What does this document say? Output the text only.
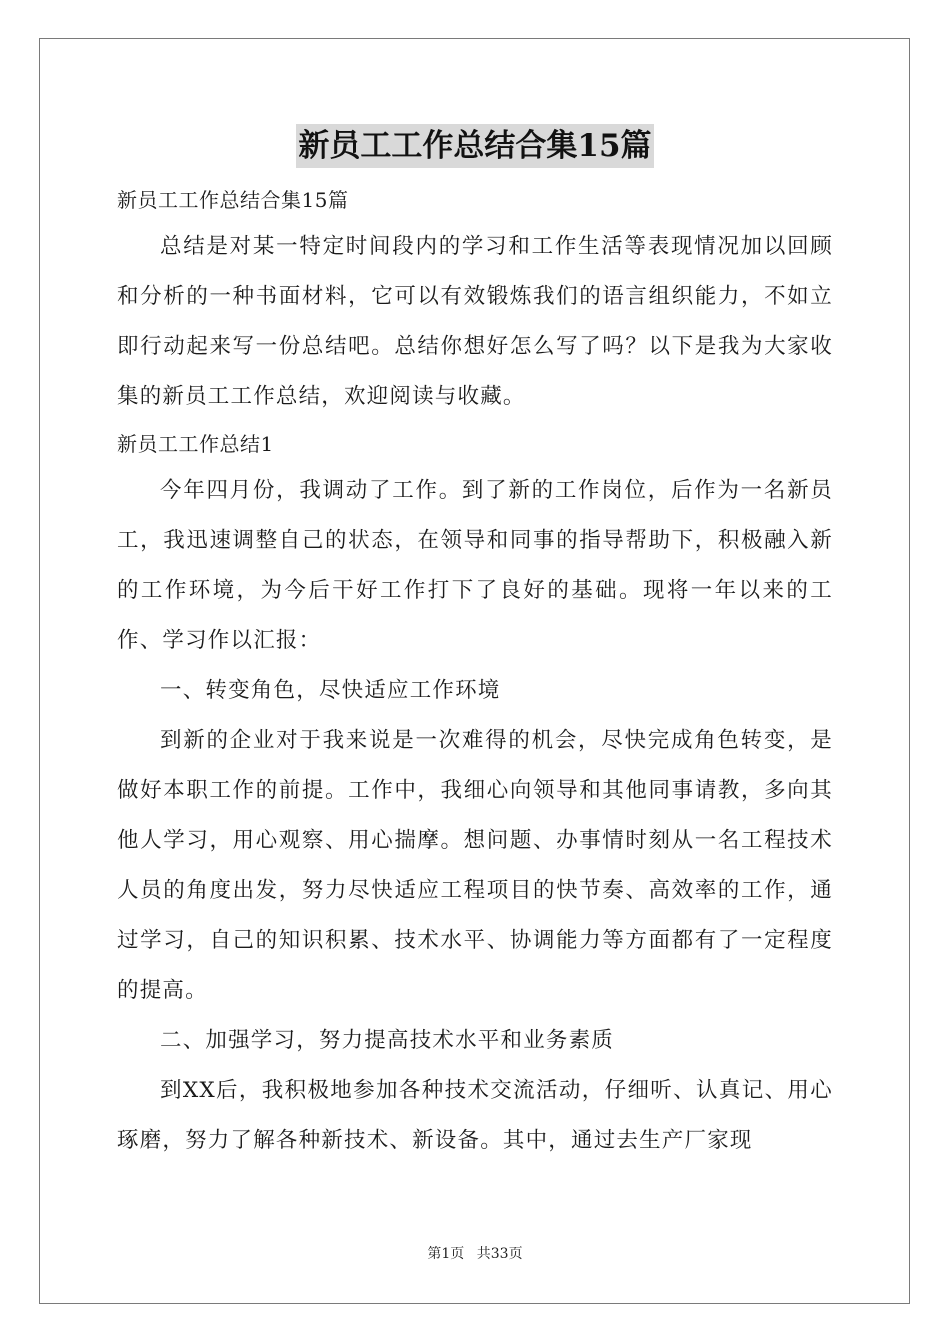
新员工工作总结合集15篇

新员工工作总结合集15篇

总结是对某一特定时间段内的学习和工作生活等表现情况加以回顾和分析的一种书面材料，它可以有效锻炼我们的语言组织能力，不如立即行动起来写一份总结吧。总结你想好怎么写了吗？以下是我为大家收集的新员工工作总结，欢迎阅读与收藏。

新员工工作总结1

今年四月份，我调动了工作。到了新的工作岗位，后作为一名新员工，我迅速调整自己的状态，在领导和同事的指导帮助下，积极融入新的工作环境，为今后干好工作打下了良好的基础。现将一年以来的工作、学习作以汇报：

一、转变角色，尽快适应工作环境

到新的企业对于我来说是一次难得的机会，尽快完成角色转变，是做好本职工作的前提。工作中，我细心向领导和其他同事请教，多向其他人学习，用心观察、用心揣摩。想问题、办事情时刻从一名工程技术人员的角度出发，努力尽快适应工程项目的快节奏、高效率的工作，通过学习，自己的知识积累、技术水平、协调能力等方面都有了一定程度的提高。

二、加强学习，努力提高技术水平和业务素质

到XX后，我积极地参加各种技术交流活动，仔细听、认真记、用心琢磨，努力了解各种新技术、新设备。其中，通过去生产厂家现

第1页 共33页
